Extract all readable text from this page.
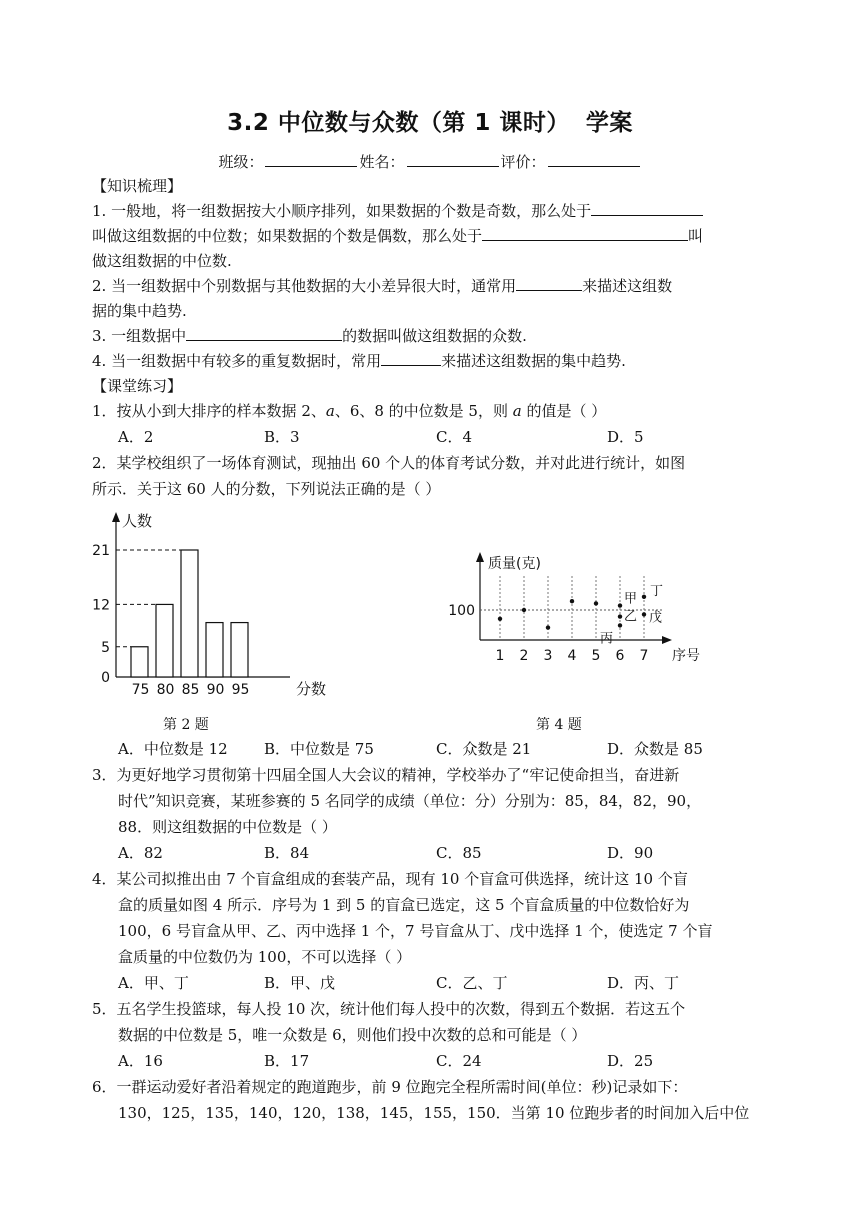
3.2 中位数与众数（第 1 课时） 学案
班级：	姓名：	评价：
【知识梳理】
1. 一般地，将一组数据按大小顺序排列，如果数据的个数是奇数，那么处于
叫做这组数据的中位数；如果数据的个数是偶数，那么处于	叫
做这组数据的中位数.
2. 当一组数据中个别数据与其他数据的大小差异很大时，通常用	来描述这组数
据的集中趋势.
3. 一组数据中	的数据叫做这组数据的众数.
4. 当一组数据中有较多的重复数据时，常用	来描述这组数据的集中趋势.
【课堂练习】
1．按从小到大排序的样本数据 2、a、6、8 的中位数是 5，则 a 的值是（ ）
A．2	B．3	C．4	D．5
2．某学校组织了一场体育测试，现抽出 60 个人的体育考试分数，并对此进行统计，如图
所示．关于这 60 人的分数，下列说法正确的是（ ）
人数
分数
0
5
12
21
75 80 85 90 95
第 2 题
质量(克)
序号
100
1 2 3 4 5 6 7
甲
乙
丙
丁
戊
第 4 题
A．中位数是 12 B．中位数是 75	C．众数是 21	D．众数是 85
3．为更好地学习贯彻第十四届全国人大会议的精神，学校举办了“牢记使命担当，奋进新
时代”知识竞赛，某班参赛的 5 名同学的成绩（单位：分）分别为：85，84，82，90，
88．则这组数据的中位数是（ ）
A．82	B．84	C．85	D．90
4．某公司拟推出由 7 个盲盒组成的套装产品，现有 10 个盲盒可供选择，统计这 10 个盲
盒的质量如图 4 所示．序号为 1 到 5 的盲盒已选定，这 5 个盲盒质量的中位数恰好为
100，6 号盲盒从甲、乙、丙中选择 1 个，7 号盲盒从丁、戊中选择 1 个，使选定 7 个盲
盒质量的中位数仍为 100，不可以选择（ ）
A．甲、丁	B．甲、戊	C．乙、丁	D．丙、丁
5．五名学生投篮球，每人投 10 次，统计他们每人投中的次数，得到五个数据．若这五个
数据的中位数是 5，唯一众数是 6，则他们投中次数的总和可能是（ ）
A．16	B．17	C．24	D．25
6．一群运动爱好者沿着规定的跑道跑步，前 9 位跑完全程所需时间(单位：秒)记录如下：
130，125，135，140，120，138，145，155，150．当第 10 位跑步者的时间加入后中位
